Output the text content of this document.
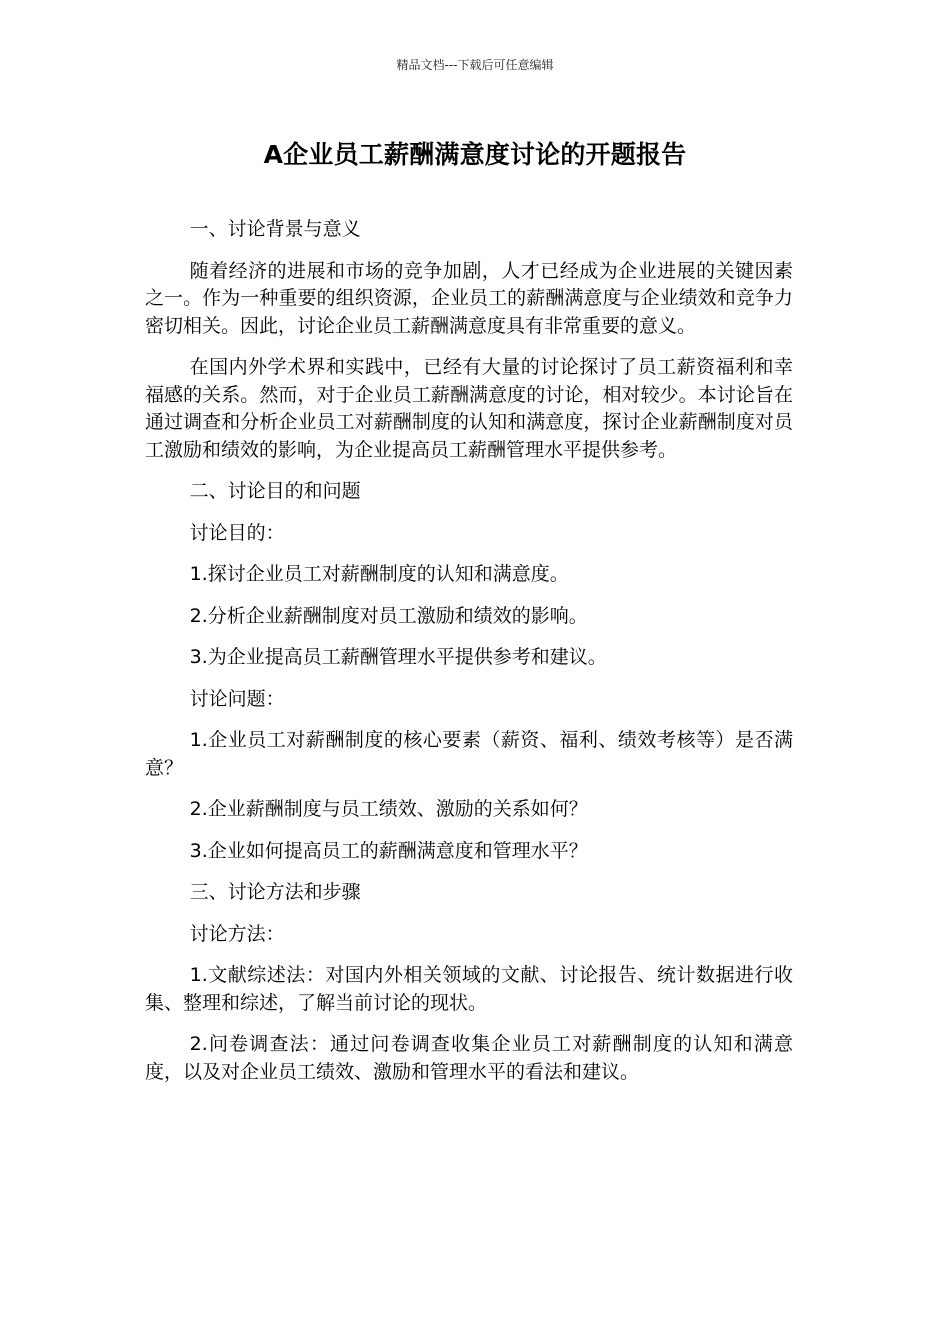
精品文档---下载后可任意编辑
A企业员工薪酬满意度讨论的开题报告

一、讨论背景与意义

随着经济的进展和市场的竞争加剧，人才已经成为企业进展的关键因素之一。作为一种重要的组织资源，企业员工的薪酬满意度与企业绩效和竞争力密切相关。因此，讨论企业员工薪酬满意度具有非常重要的意义。

在国内外学术界和实践中，已经有大量的讨论探讨了员工薪资福利和幸福感的关系。然而，对于企业员工薪酬满意度的讨论，相对较少。本讨论旨在通过调查和分析企业员工对薪酬制度的认知和满意度，探讨企业薪酬制度对员工激励和绩效的影响，为企业提高员工薪酬管理水平提供参考。

二、讨论目的和问题

讨论目的：

1.探讨企业员工对薪酬制度的认知和满意度。

2.分析企业薪酬制度对员工激励和绩效的影响。

3.为企业提高员工薪酬管理水平提供参考和建议。

讨论问题：

1.企业员工对薪酬制度的核心要素（薪资、福利、绩效考核等）是否满意？

2.企业薪酬制度与员工绩效、激励的关系如何？

3.企业如何提高员工的薪酬满意度和管理水平？

三、讨论方法和步骤

讨论方法：

1.文献综述法：对国内外相关领域的文献、讨论报告、统计数据进行收集、整理和综述，了解当前讨论的现状。

2.问卷调查法：通过问卷调查收集企业员工对薪酬制度的认知和满意度，以及对企业员工绩效、激励和管理水平的看法和建议。
